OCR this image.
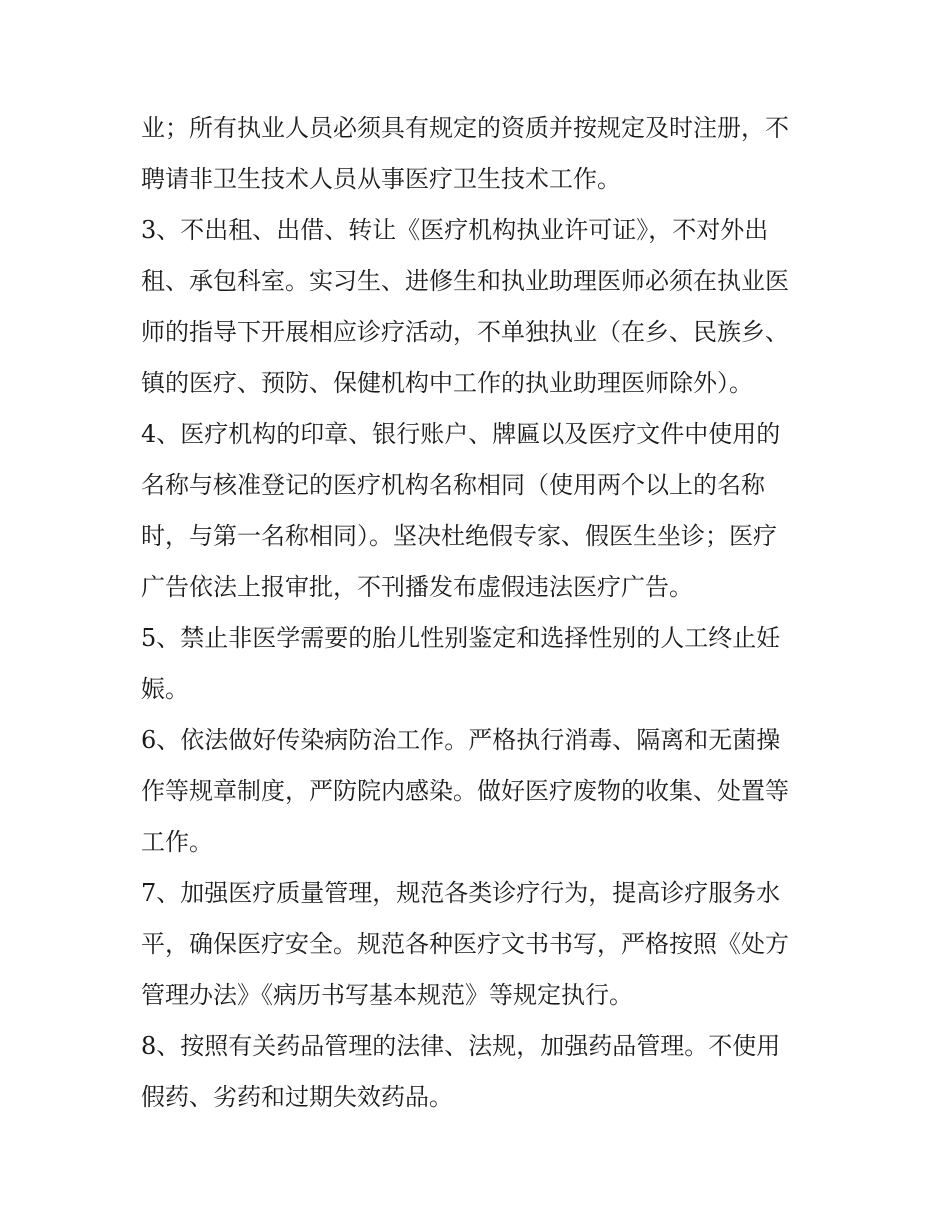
业；所有执业人员必须具有规定的资质并按规定及时注册，不
聘请非卫生技术人员从事医疗卫生技术工作。
3、不出租、出借、转让《医疗机构执业许可证》，不对外出
租、承包科室。实习生、进修生和执业助理医师必须在执业医
师的指导下开展相应诊疗活动，不单独执业（在乡、民族乡、
镇的医疗、预防、保健机构中工作的执业助理医师除外）。
4、医疗机构的印章、银行账户、牌匾以及医疗文件中使用的
名称与核准登记的医疗机构名称相同（使用两个以上的名称
时，与第一名称相同）。坚决杜绝假专家、假医生坐诊；医疗
广告依法上报审批，不刊播发布虚假违法医疗广告。
5、禁止非医学需要的胎儿性别鉴定和选择性别的人工终止妊
娠。
6、依法做好传染病防治工作。严格执行消毒、隔离和无菌操
作等规章制度，严防院内感染。做好医疗废物的收集、处置等
工作。
7、加强医疗质量管理，规范各类诊疗行为，提高诊疗服务水
平，确保医疗安全。规范各种医疗文书书写，严格按照《处方
管理办法》《病历书写基本规范》等规定执行。
8、按照有关药品管理的法律、法规，加强药品管理。不使用
假药、劣药和过期失效药品。
